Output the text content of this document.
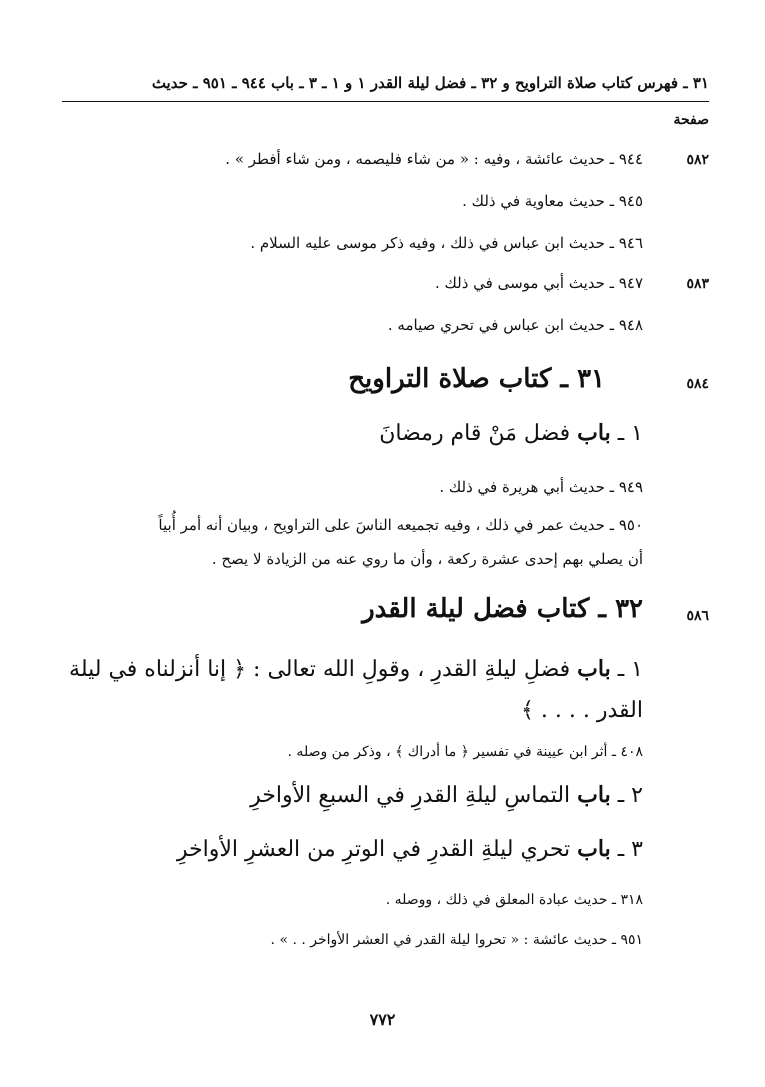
٣١ ـ فهرس كتاب صلاة التراويح و ٣٢ ـ فضل ليلة القدر ١ و ١ ـ ٣ ـ باب ٩٤٤ ـ ٩٥١ ـ حديث
صفحة
٥٨٢
٩٤٤ ـ حديث عائشة ، وفيه : « من شاء فليصمه ، ومن شاء أفطر » .
٩٤٥ ـ حديث معاوية في ذلك .
٩٤٦ ـ حديث ابن عباس في ذلك ، وفيه ذكر موسى عليه السلام .
٥٨٣
٩٤٧ ـ حديث أبي موسى في ذلك .
٩٤٨ ـ حديث ابن عباس في تحري صيامه .
٥٨٤
٣١ ـ كتاب صلاة التراويح
١ ـ باب فضل مَنْ قام رمضانَ
٩٤٩ ـ حديث أبي هريرة في ذلك .
٩٥٠ ـ حديث عمر في ذلك ، وفيه تجميعه الناسَ على التراويح ، وبيان أنه أمر أُبياً
أن يصلي بهم إحدى عشرة ركعة ، وأن ما روي عنه من الزيادة لا يصح .
٥٨٦
٣٢ ـ كتاب فضل ليلة القدر
١ ـ باب فضلِ ليلةِ القدرِ ، وقولِ الله تعالى : ﴿ إنا أنزلناه في ليلة
القدر . . . . ﴾
٤٠٨ ـ أثر ابن عيينة في تفسير ﴿ ما أدراك ﴾ ، وذكر من وصله .
٢ ـ باب التماسِ ليلةِ القدرِ في السبعِ الأواخرِ
٣ ـ باب تحري ليلةِ القدرِ في الوترِ من العشرِ الأواخرِ
٣١٨ ـ حديث عبادة المعلق في ذلك ، ووصله .
٩٥١ ـ حديث عائشة : « تحروا ليلة القدر في العشر الأواخر . . » .
٧٧٢
